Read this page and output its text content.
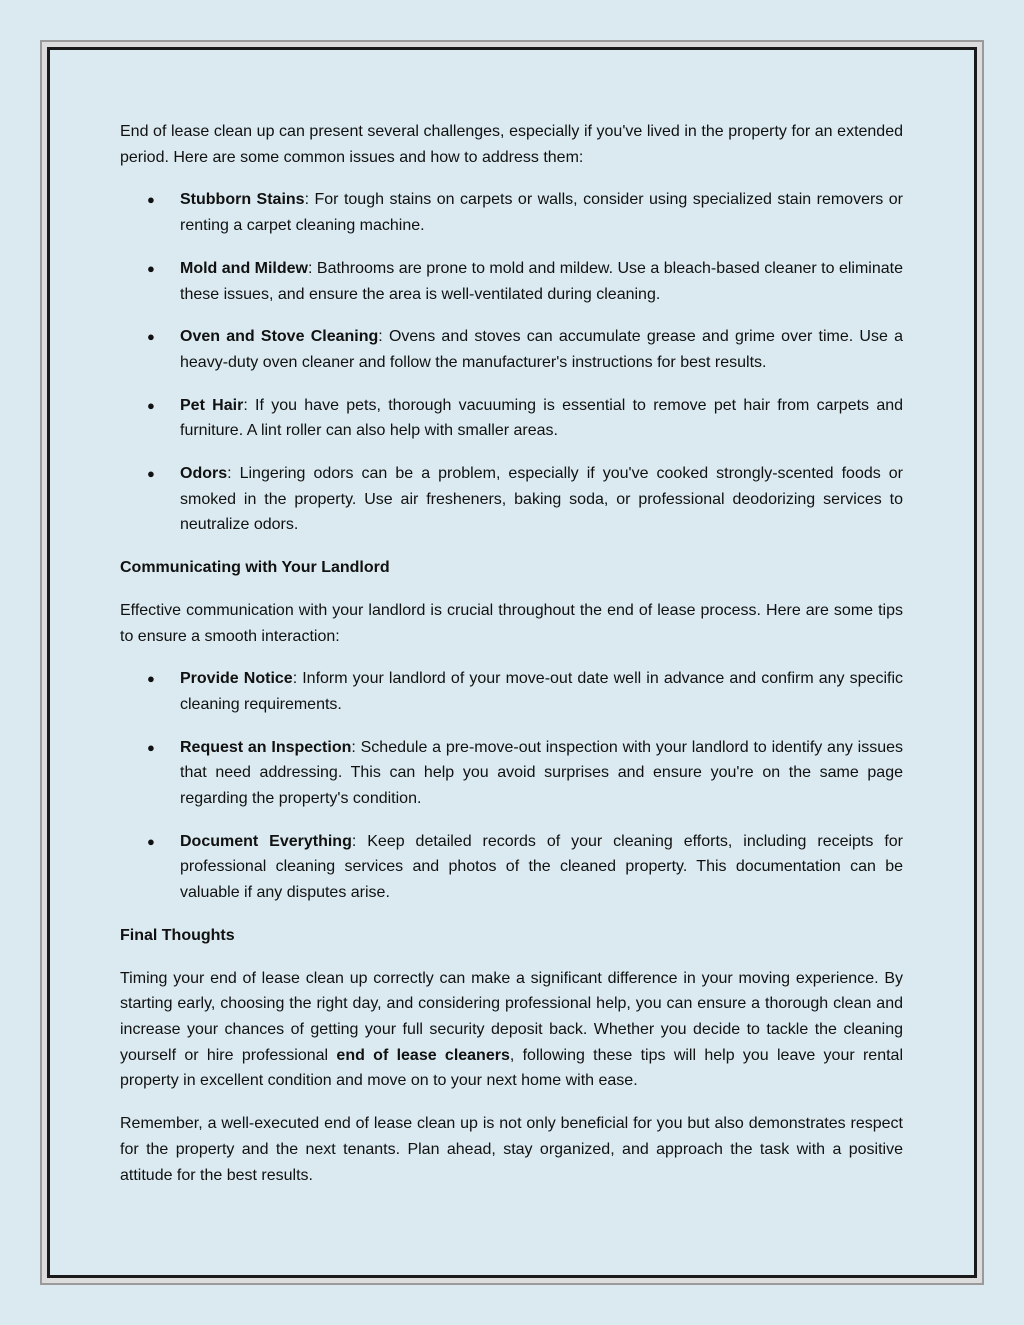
End of lease clean up can present several challenges, especially if you've lived in the property for an extended period. Here are some common issues and how to address them:

● Stubborn Stains: For tough stains on carpets or walls, consider using specialized stain removers or renting a carpet cleaning machine.
● Mold and Mildew: Bathrooms are prone to mold and mildew. Use a bleach-based cleaner to eliminate these issues, and ensure the area is well-ventilated during cleaning.
● Oven and Stove Cleaning: Ovens and stoves can accumulate grease and grime over time. Use a heavy-duty oven cleaner and follow the manufacturer's instructions for best results.
● Pet Hair: If you have pets, thorough vacuuming is essential to remove pet hair from carpets and furniture. A lint roller can also help with smaller areas.
● Odors: Lingering odors can be a problem, especially if you've cooked strongly-scented foods or smoked in the property. Use air fresheners, baking soda, or professional deodorizing services to neutralize odors.

Communicating with Your Landlord

Effective communication with your landlord is crucial throughout the end of lease process. Here are some tips to ensure a smooth interaction:

● Provide Notice: Inform your landlord of your move-out date well in advance and confirm any specific cleaning requirements.
● Request an Inspection: Schedule a pre-move-out inspection with your landlord to identify any issues that need addressing. This can help you avoid surprises and ensure you're on the same page regarding the property's condition.
● Document Everything: Keep detailed records of your cleaning efforts, including receipts for professional cleaning services and photos of the cleaned property. This documentation can be valuable if any disputes arise.

Final Thoughts

Timing your end of lease clean up correctly can make a significant difference in your moving experience. By starting early, choosing the right day, and considering professional help, you can ensure a thorough clean and increase your chances of getting your full security deposit back. Whether you decide to tackle the cleaning yourself or hire professional end of lease cleaners, following these tips will help you leave your rental property in excellent condition and move on to your next home with ease.

Remember, a well-executed end of lease clean up is not only beneficial for you but also demonstrates respect for the property and the next tenants. Plan ahead, stay organized, and approach the task with a positive attitude for the best results.
